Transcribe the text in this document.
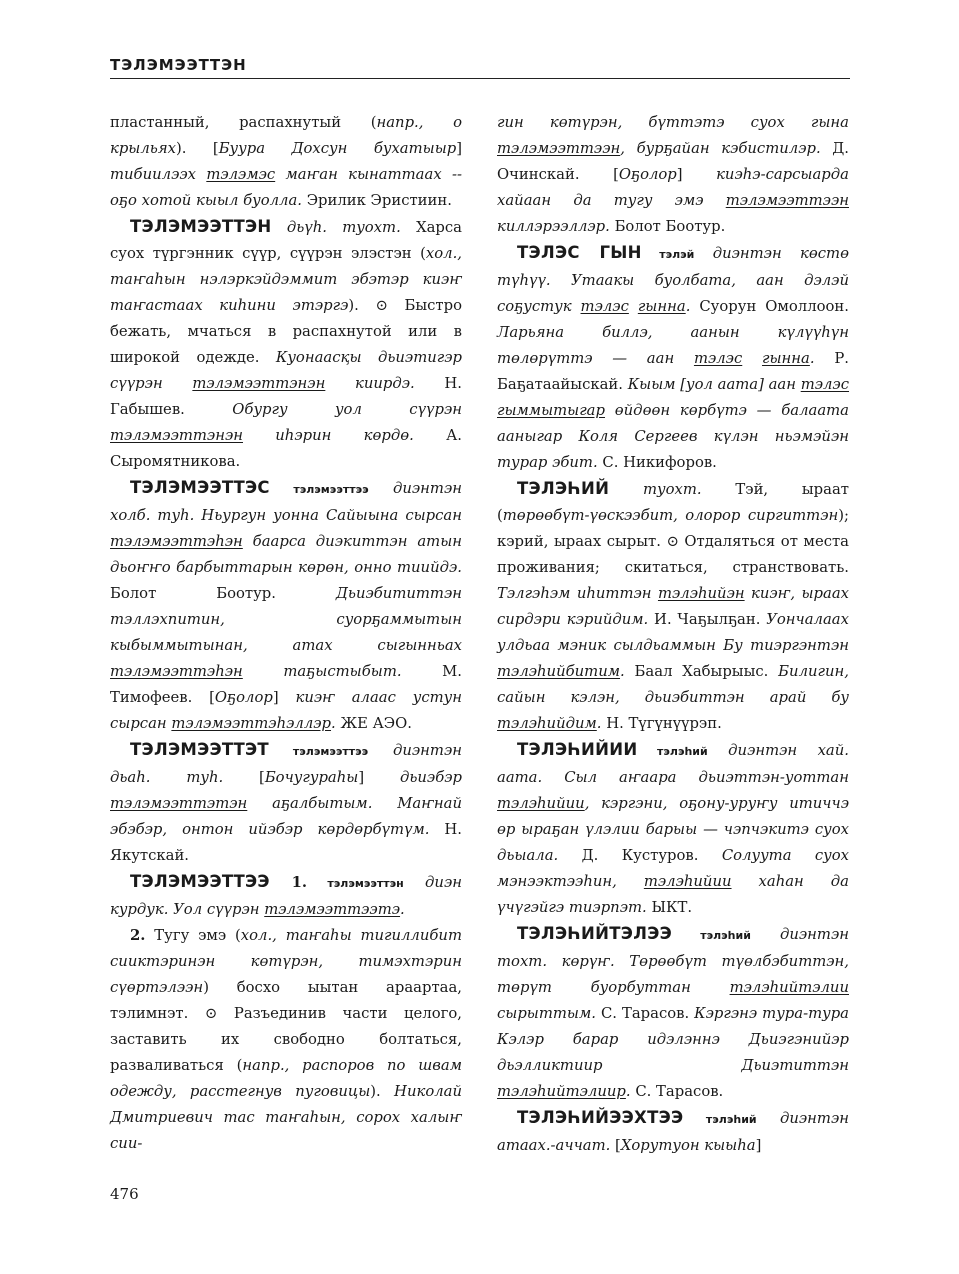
ТЭЛЭМЭЭТТЭН

пластанный, распахнутый (напр., о крыльях). [Буура Дохсун бухатыыр] тибиилээх тэлэмэс маҥан кынаттаах -- оҕо хотой кыыл буолла. Эрилик Эристиин.

ТЭЛЭМЭЭТТЭН дьүһ. туохт. Харса суох түргэнник сүүр, сүүрэн элэстэн (хол., таҥаһын нэлэркэйдэммит эбэтэр киэҥ таҥастаах киһини этэргэ). ⊙ Быстро бежать, мчаться в распахнутой или в широкой одежде. Куонаасқы дьиэтигэр сүүрэн тэлэмээттэнэн киирдэ. Н. Габышев. Обургу уол сүүрэн тэлэмээттэнэн иһэрин көрдө. А. Сыромятникова.

ТЭЛЭМЭЭТТЭС тэлэмээттээ диэнтэн холб. туһ. Ньургун уонна Сайыына сырсан тэлэмээттэһэн баарса диэкиттэн атын дьоҥҥо барбыттарын көрөн, онно тиийдэ. Болот Боотур. Дьиэбититтэн тэллэхпитин, суорҕаммытын кыбыммытынан, атах сыгынньах тэлэмээттэһэн таҕыстыбыт. М. Тимофеев. [Оҕолор] киэҥ алаас устун сырсан тэлэмээттэһэллэр. ЖЕ АЭО.

ТЭЛЭМЭЭТТЭТ тэлэмээттээ диэнтэн дьаһ. туһ. [Бочугураһы] дьиэбэр тэлэмээттэтэн аҕалбытым. Маҥнай эбэбэр, онтон ийэбэр көрдөрбүтүм. Н. Якутскай.

ТЭЛЭМЭЭТТЭЭ 1. тэлэмээттэн диэн курдук. Уол сүүрэн тэлэмээттээтэ.

2. Тугу эмэ (хол., таҥаһы тигиллибит сииктэринэн көтүрэн, тимэхтэрин сүөртэлээн) босхо ыытан араартаа, тэлимнэт. ⊙ Разъединив части целого, заставить их свободно болтаться, разваливаться (напр., распоров по швам одежду, расстегнув пуговицы). Николай Дмитриевич тас таҥаһын, сорох халыҥ сии-

гин көтүрэн, бүттэтэ суох гына тэлэмээттээн, бурҕайан кэбистилэр. Д. Очинскай. [Оҕолор] киэһэ-сарсыарда хайаан да тугу эмэ тэлэмээттээн киллэрээллэр. Болот Боотур.

ТЭЛЭС ГЫН тэлэй диэнтэн көстө түһүү. Утаакы буолбата, аан дэлэй соҕустук тэлэс гынна. Суорун Омоллоон. Ларьяна биллэ, аанын күлүүһүн төлөрүттэ — аан тэлэс гынна. Р. Баҕатаайыскай. Кыым [уол аата] аан тэлэс гыммытыгар өйдөөн көрбүтэ — балаата ааныгар Коля Сергеев күлэн ньэмэйэн турар эбит. С. Никифоров.

ТЭЛЭҺИЙ туохт. Тэй, ыраат (төрөөбүт-үөскээбит, олорор сиргиттэн); кэрий, ыраах сырыт. ⊙ Отдаляться от места проживания; скитаться, странствовать. Тэлгэһэм иһиттэн тэлэһийэн киэҥ, ыраах сирдэри кэрийдим. И. Чаҕылҕан. Уончалаах улдьаа мэник сылдьаммын Бу тиэргэнтэн тэлэһийбитим. Баал Хабырыыс. Билигин, сайын кэлэн, дьиэбиттэн арай бу тэлэһийдим. Н. Түгүнүүрэп.

ТЭЛЭҺИЙИИ тэлэһий диэнтэн хай. аата. Сыл аҥаара дьиэттэн-уоттан тэлэһийии, кэргэни, оҕону-уруҥу итиччэ өр ыраҕан үлэлии барыы — чэпчэкитэ суох дьыала. Д. Кустуров. Солуута суох мэнээктээһин, тэлэһийии хаһан да үчүгэйгэ тиэрпэт. ЫКТ.

ТЭЛЭҺИЙТЭЛЭЭ тэлэһий диэнтэн тохт. көрүҥ. Төрөөбүт түөлбэбиттэн, төрүт буорбуттан тэлэһийтэлии сырыттым. С. Тарасов. Кэргэнэ тура-тура Кэлэр барар идэлэннэ Дьиэгэнийэр дьэлликтиир Дьиэтиттэн тэлэһийтэлиир. С. Тарасов.

ТЭЛЭҺИЙЭЭХТЭЭ тэлэһий диэнтэн атаах.-аччат. [Хорутуон кыыһа]

476
